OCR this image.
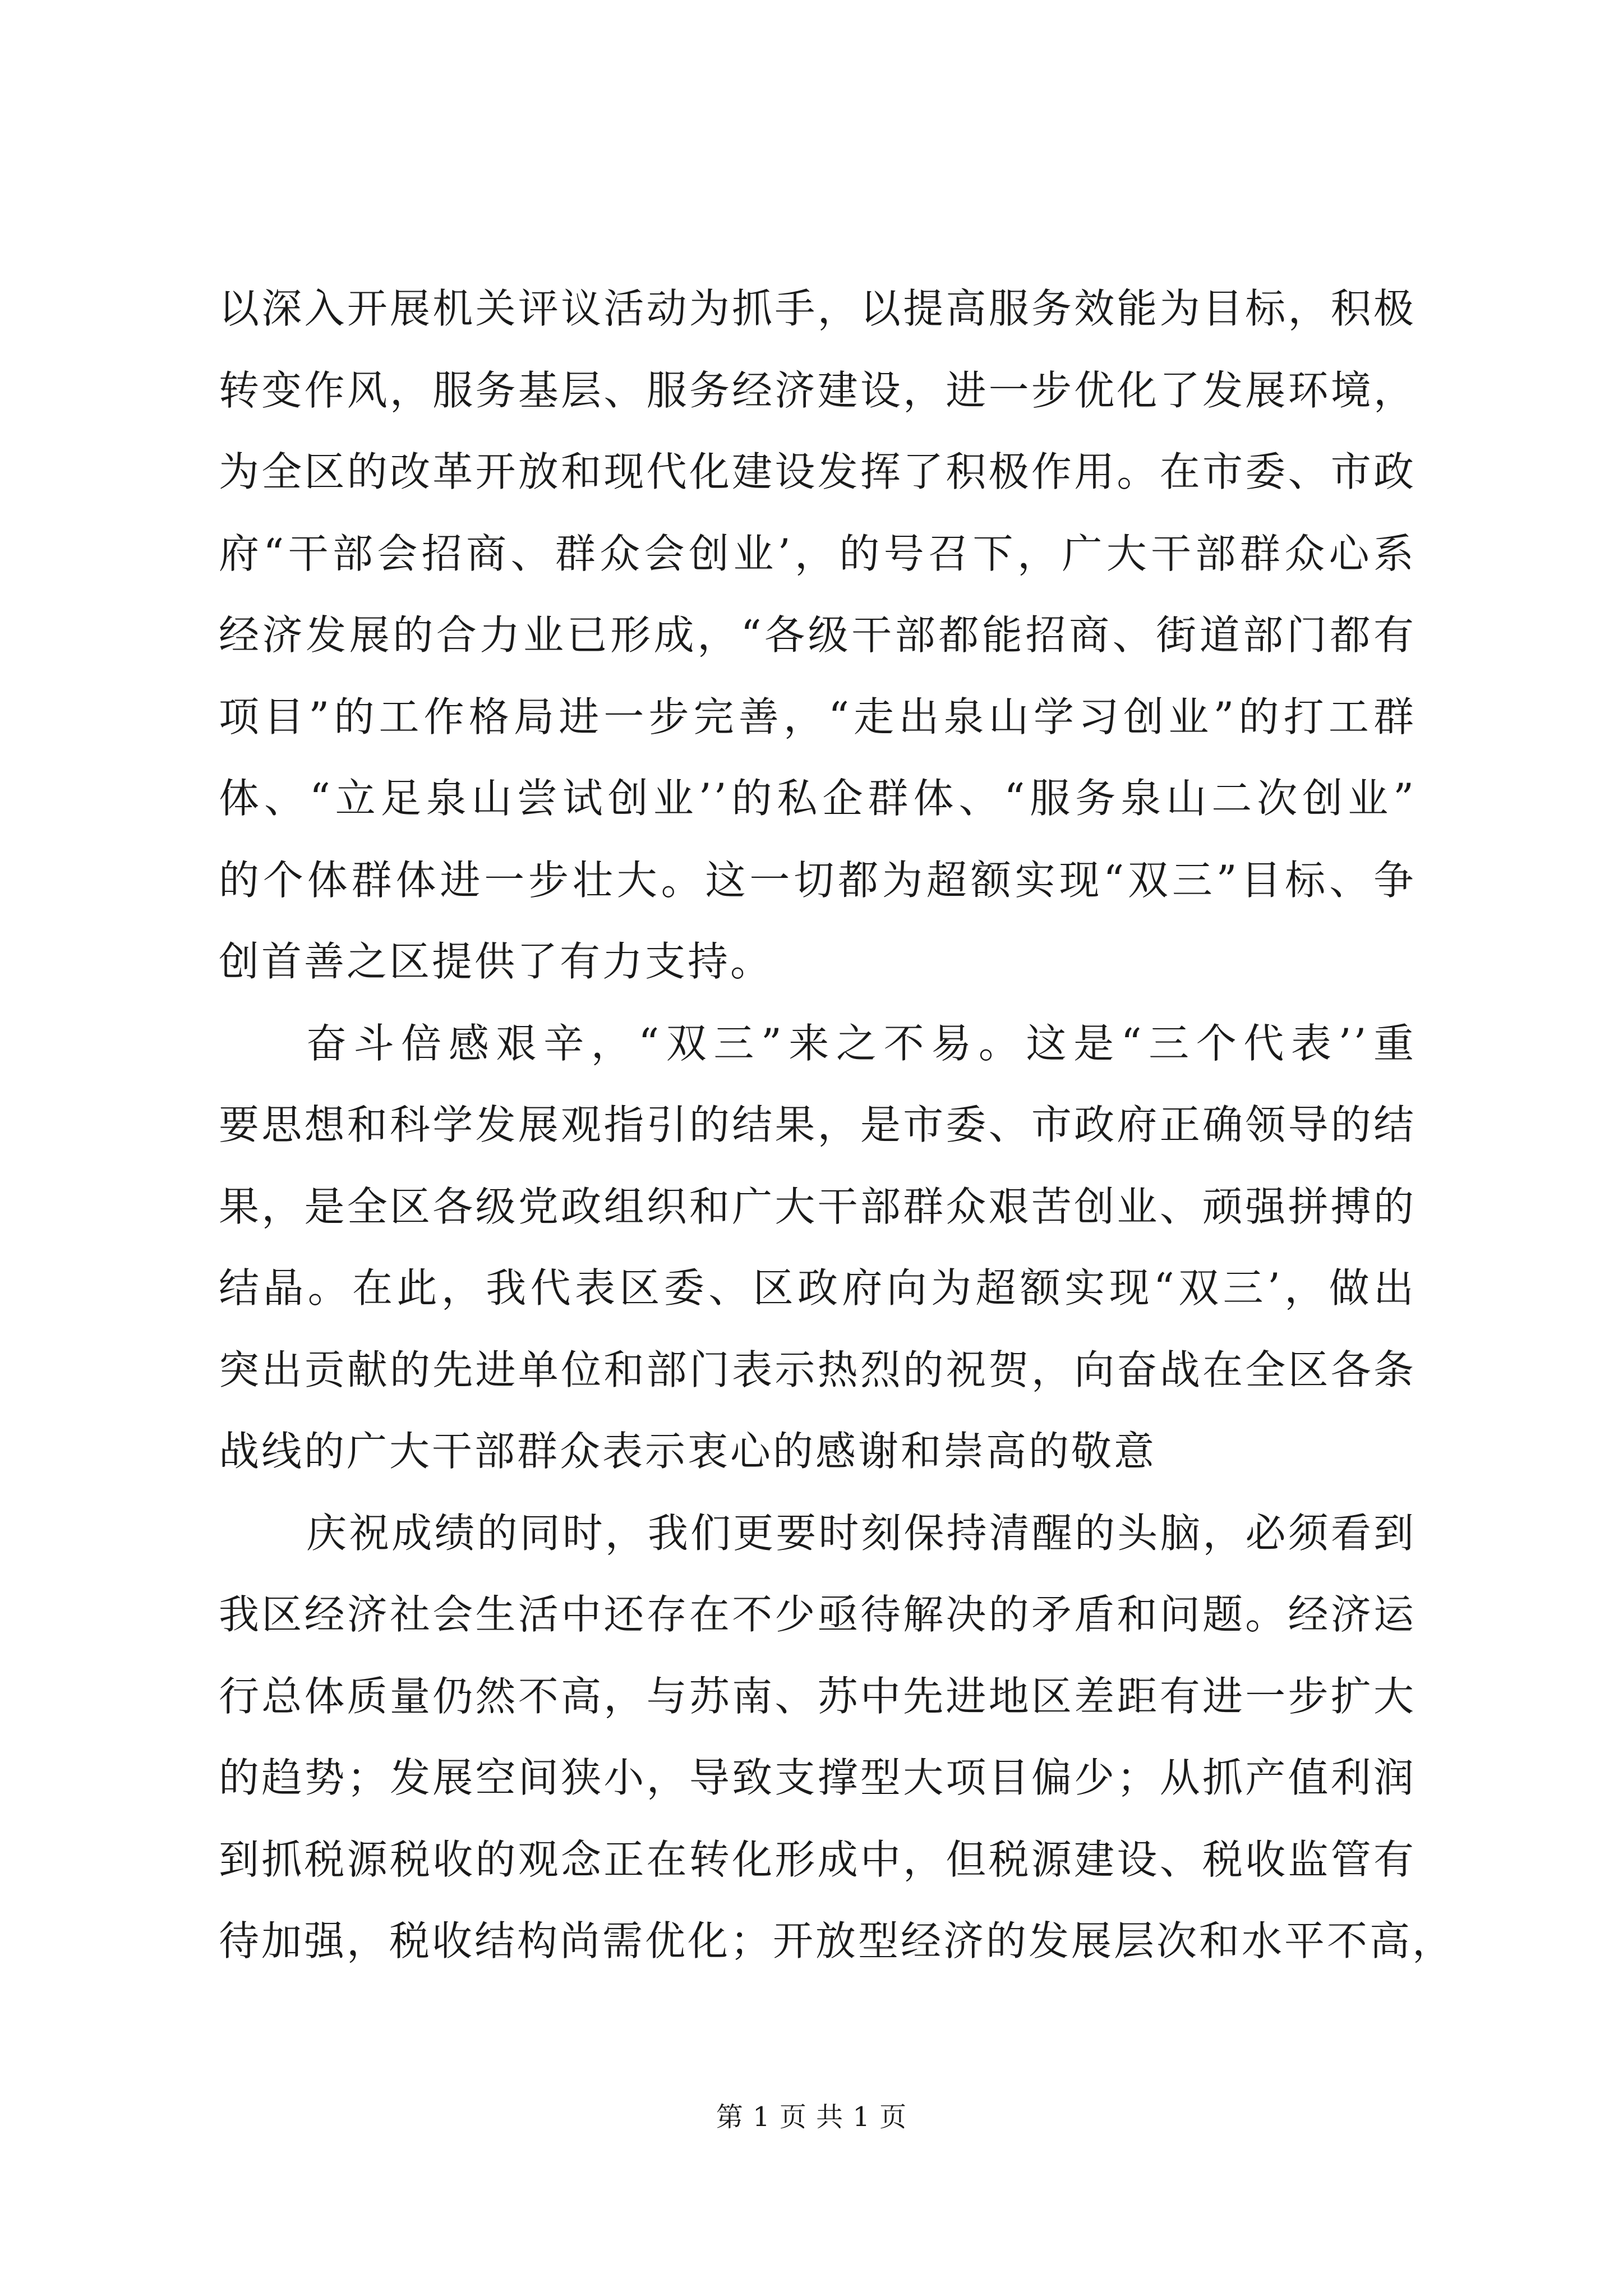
以深入开展机关评议活动为抓手，以提高服务效能为目标，积极
转变作风，服务基层、服务经济建设，进一步优化了发展环境，
为全区的改革开放和现代化建设发挥了积极作用。在市委、市政
府“干部会招商、群众会创业’，的号召下，广大干部群众心系
经济发展的合力业已形成，“各级干部都能招商、街道部门都有
项目”的工作格局进一步完善，“走出泉山学习创业”的打工群
体、“立足泉山尝试创业’’的私企群体、“服务泉山二次创业”
的个体群体进一步壮大。这一切都为超额实现“双三”目标、争
创首善之区提供了有力支持。
奋斗倍感艰辛，“双三”来之不易。这是“三个代表’’重
要思想和科学发展观指引的结果，是市委、市政府正确领导的结
果，是全区各级党政组织和广大干部群众艰苦创业、顽强拼搏的
结晶。在此，我代表区委、区政府向为超额实现“双三’，做出
突出贡献的先进单位和部门表示热烈的祝贺，向奋战在全区各条
战线的广大干部群众表示衷心的感谢和崇高的敬意
庆祝成绩的同时，我们更要时刻保持清醒的头脑，必须看到
我区经济社会生活中还存在不少亟待解决的矛盾和问题。经济运
行总体质量仍然不高，与苏南、苏中先进地区差距有进一步扩大
的趋势；发展空间狭小，导致支撑型大项目偏少；从抓产值利润
到抓税源税收的观念正在转化形成中，但税源建设、税收监管有
待加强，税收结构尚需优化；开放型经济的发展层次和水平不高，
第 1 页 共 1 页
